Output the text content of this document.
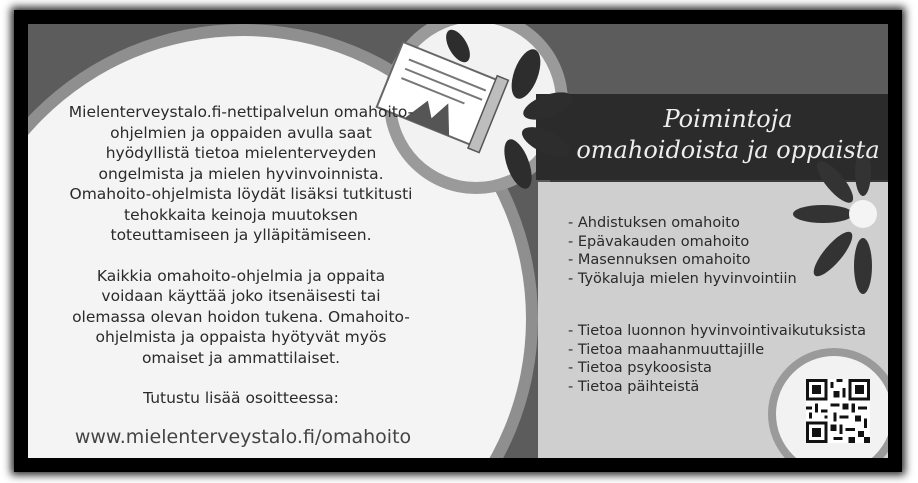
Mielenterveystalo.fi-nettipalvelun omahoito-ohjelmien ja oppaiden avulla saat hyödyllistä tietoa mielenterveyden ongelmista ja mielen hyvinvoinnista. Omahoito-ohjelmista löydät lisäksi tutkitusti tehokkaita keinoja muutoksen toteuttamiseen ja ylläpitämiseen.

Kaikkia omahoito-ohjelmia ja oppaita voidaan käyttää joko itsenäisesti tai olemassa olevan hoidon tukena. Omahoito-ohjelmista ja oppaista hyötyvät myös omaiset ja ammattilaiset.

Tutustu lisää osoitteessa:

www.mielenterveystalo.fi/omahoito
Poimintoja
omahoidoista ja oppaista
- Ahdistuksen omahoito
- Epävakauden omahoito
- Masennuksen omahoito
- Työkaluja mielen hyvinvointiin
- Tietoa luonnon hyvinvointivaikutuksista
- Tietoa maahanmuuttajille
- Tietoa psykoosista
- Tietoa päihteistä
